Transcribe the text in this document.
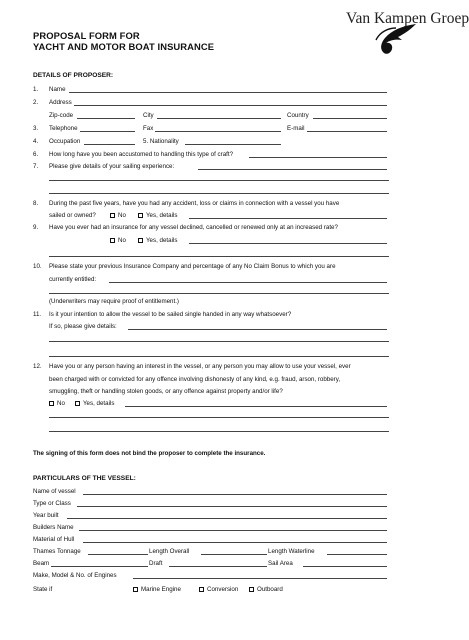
PROPOSAL FORM FOR
YACHT AND MOTOR BOAT INSURANCE
Van Kampen Groep
DETAILS OF PROPOSER:
1. Name
2. Address
Zip-code	City	Country
3. Telephone	Fax	E-mail
4. Occupation	5. Nationality
6. How long have you been accustomed to handling this type of craft?
7. Please give details of your sailing experience:
8. During the past five years, have you had any accident, loss or claims in connection with a vessel you have
sailed or owned?	No	Yes, details
9. Have you ever had an insurance for any vessel declined, cancelled or renewed only at an increased rate?
No	Yes, details
10. Please state your previous Insurance Company and percentage of any No Claim Bonus to which you are
currently entitled:
(Underwriters may require proof of entitlement.)
11. Is it your intention to allow the vessel to be sailed single handed in any way whatsoever?
If so, please give details:
12. Have you or any person having an interest in the vessel, or any person you may allow to use your vessel, ever
been charged with or convicted for any offence involving dishonesty of any kind, e.g. fraud, arson, robbery,
smuggling, theft or handling stolen goods, or any offence against property and/or life?
No	Yes, details
The signing of this form does not bind the proposer to complete the insurance.
PARTICULARS OF THE VESSEL:
Name of vessel
Type or Class
Year built
Builders Name
Material of Hull
Thames Tonnage	Length Overall	Length Waterline
Beam	Draft	Sail Area
Make, Model & No. of Engines
State if	Marine Engine	Conversion	Outboard
